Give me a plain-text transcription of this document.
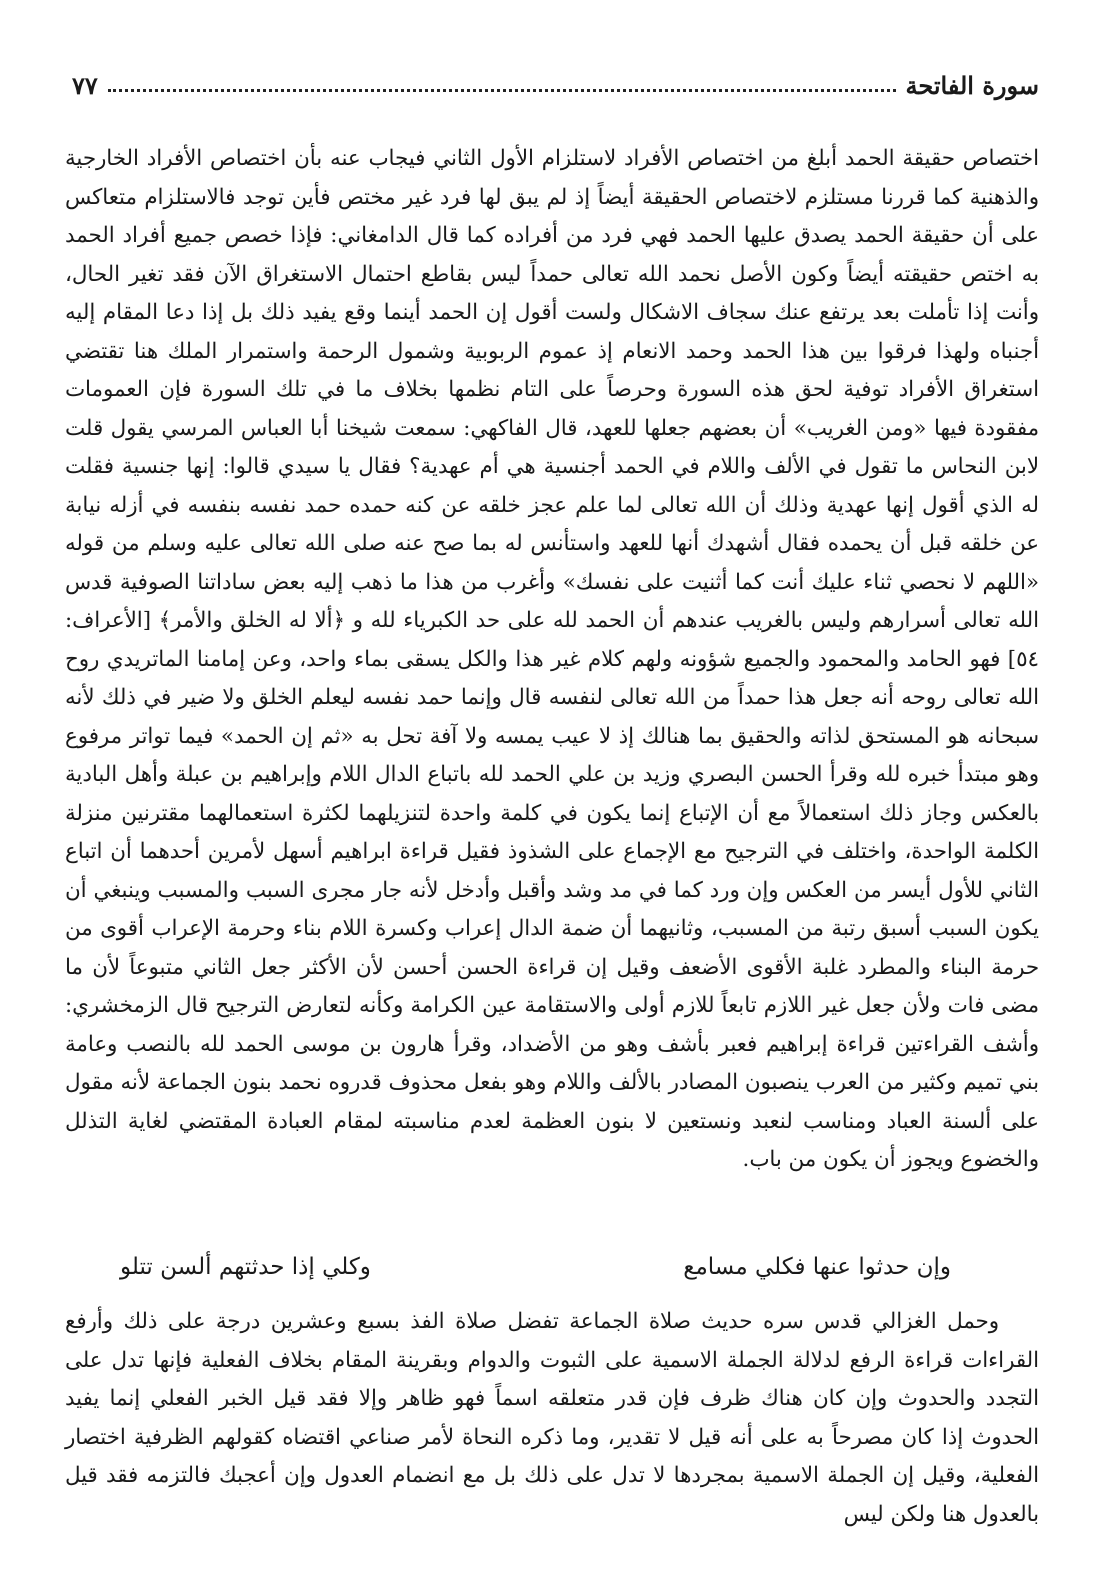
سورة الفاتحة
٧٧

اختصاص حقيقة الحمد أبلغ من اختصاص الأفراد لاستلزام الأول الثاني فيجاب عنه بأن اختصاص الأفراد الخارجية والذهنية كما قررنا مستلزم لاختصاص الحقيقة أيضاً إذ لم يبق لها فرد غير مختص فأين توجد فالاستلزام متعاكس على أن حقيقة الحمد يصدق عليها الحمد فهي فرد من أفراده كما قال الدامغاني: فإذا خصص جميع أفراد الحمد به اختص حقيقته أيضاً وكون الأصل نحمد الله تعالى حمداً ليس بقاطع احتمال الاستغراق الآن فقد تغير الحال، وأنت إذا تأملت بعد يرتفع عنك سجاف الاشكال ولست أقول إن الحمد أينما وقع يفيد ذلك بل إذا دعا المقام إليه أجنباه ولهذا فرقوا بين هذا الحمد وحمد الانعام إذ عموم الربوبية وشمول الرحمة واستمرار الملك هنا تقتضي استغراق الأفراد توفية لحق هذه السورة وحرصاً على التام نظمها بخلاف ما في تلك السورة فإن العمومات مفقودة فيها «ومن الغريب» أن بعضهم جعلها للعهد، قال الفاكهي: سمعت شيخنا أبا العباس المرسي يقول قلت لابن النحاس ما تقول في الألف واللام في الحمد أجنسية هي أم عهدية؟ فقال يا سيدي قالوا: إنها جنسية فقلت له الذي أقول إنها عهدية وذلك أن الله تعالى لما علم عجز خلقه عن كنه حمده حمد نفسه بنفسه في أزله نيابة عن خلقه قبل أن يحمده فقال أشهدك أنها للعهد واستأنس له بما صح عنه صلى الله تعالى عليه وسلم من قوله «اللهم لا نحصي ثناء عليك أنت كما أثنيت على نفسك» وأغرب من هذا ما ذهب إليه بعض ساداتنا الصوفية قدس الله تعالى أسرارهم وليس بالغريب عندهم أن الحمد لله على حد الكبرياء لله و ﴿ألا له الخلق والأمر﴾ [الأعراف: ٥٤] فهو الحامد والمحمود والجميع شؤونه ولهم كلام غير هذا والكل يسقى بماء واحد، وعن إمامنا الماتريدي روح الله تعالى روحه أنه جعل هذا حمداً من الله تعالى لنفسه قال وإنما حمد نفسه ليعلم الخلق ولا ضير في ذلك لأنه سبحانه هو المستحق لذاته والحقيق بما هنالك إذ لا عيب يمسه ولا آفة تحل به «ثم إن الحمد» فيما تواتر مرفوع وهو مبتدأ خبره لله وقرأ الحسن البصري وزيد بن علي الحمد لله باتباع الدال اللام وإبراهيم بن عبلة وأهل البادية بالعكس وجاز ذلك استعمالاً مع أن الإتباع إنما يكون في كلمة واحدة لتنزيلهما لكثرة استعمالهما مقترنين منزلة الكلمة الواحدة، واختلف في الترجيح مع الإجماع على الشذوذ فقيل قراءة ابراهيم أسهل لأمرين أحدهما أن اتباع الثاني للأول أيسر من العكس وإن ورد كما في مد وشد وأقبل وأدخل لأنه جار مجرى السبب والمسبب وينبغي أن يكون السبب أسبق رتبة من المسبب، وثانيهما أن ضمة الدال إعراب وكسرة اللام بناء وحرمة الإعراب أقوى من حرمة البناء والمطرد غلبة الأقوى الأضعف وقيل إن قراءة الحسن أحسن لأن الأكثر جعل الثاني متبوعاً لأن ما مضى فات ولأن جعل غير اللازم تابعاً للازم أولى والاستقامة عين الكرامة وكأنه لتعارض الترجيح قال الزمخشري: وأشف القراءتين قراءة إبراهيم فعبر بأشف وهو من الأضداد، وقرأ هارون بن موسى الحمد لله بالنصب وعامة بني تميم وكثير من العرب ينصبون المصادر بالألف واللام وهو بفعل محذوف قدروه نحمد بنون الجماعة لأنه مقول على ألسنة العباد ومناسب لنعبد ونستعين لا بنون العظمة لعدم مناسبته لمقام العبادة المقتضي لغاية التذلل والخضوع ويجوز أن يكون من باب.

وإن حدثوا عنها فكلي مسامع
وكلي إذا حدثتهم ألسن تتلو

وحمل الغزالي قدس سره حديث صلاة الجماعة تفضل صلاة الفذ بسبع وعشرين درجة على ذلك وأرفع القراءات قراءة الرفع لدلالة الجملة الاسمية على الثبوت والدوام وبقرينة المقام بخلاف الفعلية فإنها تدل على التجدد والحدوث وإن كان هناك ظرف فإن قدر متعلقه اسماً فهو ظاهر وإلا فقد قيل الخبر الفعلي إنما يفيد الحدوث إذا كان مصرحاً به على أنه قيل لا تقدير، وما ذكره النحاة لأمر صناعي اقتضاه كقولهم الظرفية اختصار الفعلية، وقيل إن الجملة الاسمية بمجردها لا تدل على ذلك بل مع انضمام العدول وإن أعجبك فالتزمه فقد قيل بالعدول هنا ولكن ليس
